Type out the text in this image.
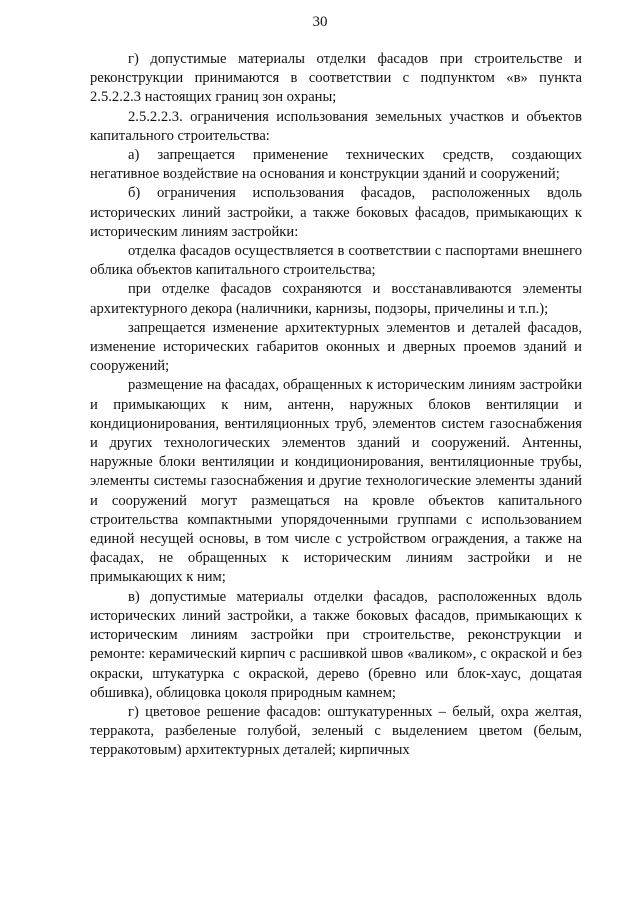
30

г) допустимые материалы отделки фасадов при строительстве и реконструкции принимаются в соответствии с подпунктом «в» пункта 2.5.2.2.3 настоящих границ зон охраны;

2.5.2.2.3. ограничения использования земельных участков и объектов капитального строительства:

а) запрещается применение технических средств, создающих негативное воздействие на основания и конструкции зданий и сооружений;

б) ограничения использования фасадов, расположенных вдоль исторических линий застройки, а также боковых фасадов, примыкающих к историческим линиям застройки:

отделка фасадов осуществляется в соответствии с паспортами внешнего облика объектов капитального строительства;

при отделке фасадов сохраняются и восстанавливаются элементы архитектурного декора (наличники, карнизы, подзоры, причелины и т.п.);

запрещается изменение архитектурных элементов и деталей фасадов, изменение исторических габаритов оконных и дверных проемов зданий и сооружений;

размещение на фасадах, обращенных к историческим линиям застройки и примыкающих к ним, антенн, наружных блоков вентиляции и кондиционирования, вентиляционных труб, элементов систем газоснабжения и других технологических элементов зданий и сооружений. Антенны, наружные блоки вентиляции и кондиционирования, вентиляционные трубы, элементы системы газоснабжения и другие технологические элементы зданий и сооружений могут размещаться на кровле объектов капитального строительства компактными упорядоченными группами с использованием единой несущей основы, в том числе с устройством ограждения, а также на фасадах, не обращенных к историческим линиям застройки и не примыкающих к ним;

в) допустимые материалы отделки фасадов, расположенных вдоль исторических линий застройки, а также боковых фасадов, примыкающих к историческим линиям застройки при строительстве, реконструкции и ремонте: керамический кирпич с расшивкой швов «валиком», с окраской и без окраски, штукатурка с окраской, дерево (бревно или блок-хаус, дощатая обшивка), облицовка цоколя природным камнем;

г) цветовое решение фасадов: оштукатуренных – белый, охра желтая, терракота, разбеленые голубой, зеленый с выделением цветом (белым, терракотовым) архитектурных деталей; кирпичных
